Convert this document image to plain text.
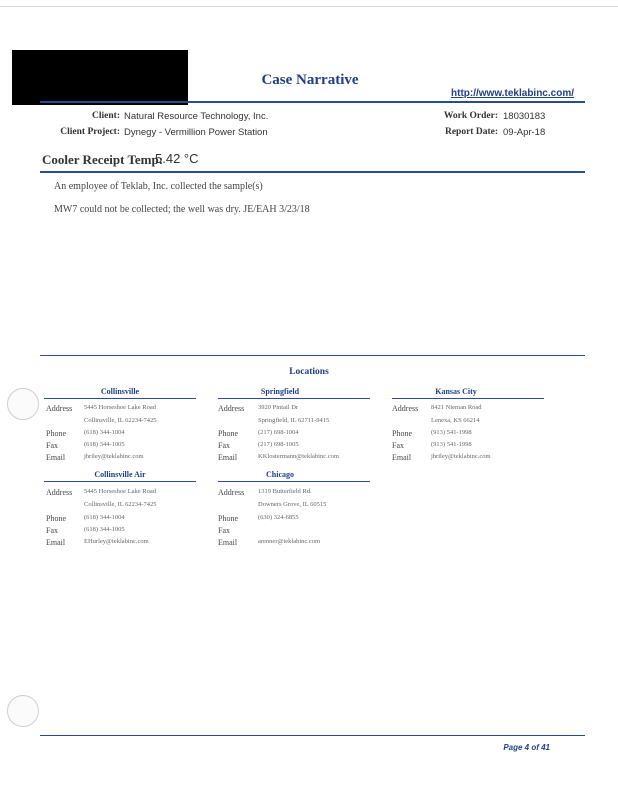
Case Narrative
http://www.teklabinc.com/
Client: Natural Resource Technology, Inc.
Client Project: Dynegy - Vermillion Power Station
Work Order: 18030183
Report Date: 09-Apr-18
Cooler Receipt Temp:
5.42 °C
An employee of Teklab, Inc. collected the sample(s)
MW7 could not be collected; the well was dry. JE/EAH 3/23/18
Locations
Collinsville
Address 5445 Horseshoe Lake Road
Collinsville, IL 62234-7425
Phone	(618) 344-1004
Fax	(618) 344-1005
Email	jhriley@teklabinc.com
Springfield
Address 3920 Pintail Dr
Springfield, IL 62711-9415
Phone	(217) 698-1004
Fax	(217) 698-1005
Email	KKlostermann@teklabinc.com
Kansas City
Address 8421 Nieman Road
Lenexa, KS 66214
Phone	(913) 541-1998
Fax	(913) 541-1998
Email	jhriley@teklabinc.com
Collinsville Air
Address 5445 Horseshoe Lake Road
Collinsville, IL 62234-7425
Phone	(618) 344-1004
Fax	(618) 344-1005
Email	EHurley@teklabinc.com
Chicago
Address 1319 Butterfield Rd.
Downers Grove, IL 60515
Phone	(630) 324-6855
Fax
Email	arenner@teklabinc.com
Page 4 of 41
